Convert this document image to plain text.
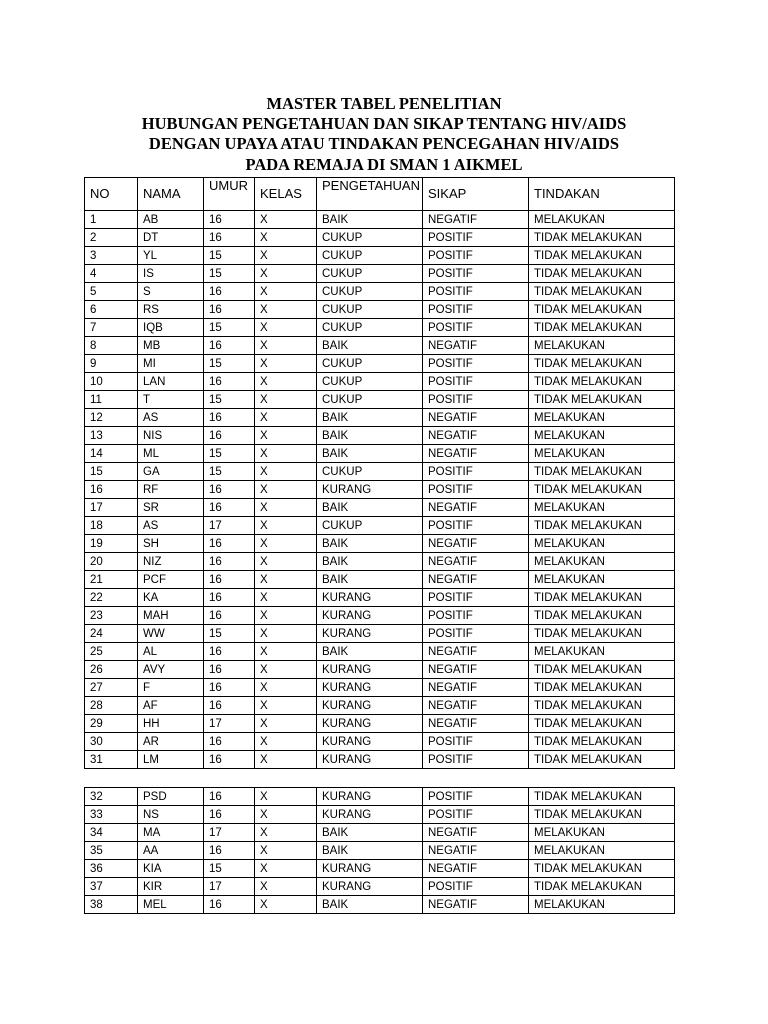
MASTER TABEL PENELITIAN
HUBUNGAN PENGETAHUAN DAN SIKAP TENTANG HIV/AIDS
DENGAN UPAYA ATAU TINDAKAN PENCEGAHAN HIV/AIDS
PADA REMAJA DI SMAN 1 AIKMEL
NO	NAMA	UMUR	KELAS	PENGETAHUAN	SIKAP	TINDAKAN
1	AB	16	X	BAIK	NEGATIF	MELAKUKAN
2	DT	16	X	CUKUP	POSITIF	TIDAK MELAKUKAN
3	YL	15	X	CUKUP	POSITIF	TIDAK MELAKUKAN
4	IS	15	X	CUKUP	POSITIF	TIDAK MELAKUKAN
5	S	16	X	CUKUP	POSITIF	TIDAK MELAKUKAN
6	RS	16	X	CUKUP	POSITIF	TIDAK MELAKUKAN
7	IQB	15	X	CUKUP	POSITIF	TIDAK MELAKUKAN
8	MB	16	X	BAIK	NEGATIF	MELAKUKAN
9	MI	15	X	CUKUP	POSITIF	TIDAK MELAKUKAN
10	LAN	16	X	CUKUP	POSITIF	TIDAK MELAKUKAN
11	T	15	X	CUKUP	POSITIF	TIDAK MELAKUKAN
12	AS	16	X	BAIK	NEGATIF	MELAKUKAN
13	NIS	16	X	BAIK	NEGATIF	MELAKUKAN
14	ML	15	X	BAIK	NEGATIF	MELAKUKAN
15	GA	15	X	CUKUP	POSITIF	TIDAK MELAKUKAN
16	RF	16	X	KURANG	POSITIF	TIDAK MELAKUKAN
17	SR	16	X	BAIK	NEGATIF	MELAKUKAN
18	AS	17	X	CUKUP	POSITIF	TIDAK MELAKUKAN
19	SH	16	X	BAIK	NEGATIF	MELAKUKAN
20	NIZ	16	X	BAIK	NEGATIF	MELAKUKAN
21	PCF	16	X	BAIK	NEGATIF	MELAKUKAN
22	KA	16	X	KURANG	POSITIF	TIDAK MELAKUKAN
23	MAH	16	X	KURANG	POSITIF	TIDAK MELAKUKAN
24	WW	15	X	KURANG	POSITIF	TIDAK MELAKUKAN
25	AL	16	X	BAIK	NEGATIF	MELAKUKAN
26	AVY	16	X	KURANG	NEGATIF	TIDAK MELAKUKAN
27	F	16	X	KURANG	NEGATIF	TIDAK MELAKUKAN
28	AF	16	X	KURANG	NEGATIF	TIDAK MELAKUKAN
29	HH	17	X	KURANG	NEGATIF	TIDAK MELAKUKAN
30	AR	16	X	KURANG	POSITIF	TIDAK MELAKUKAN
31	LM	16	X	KURANG	POSITIF	TIDAK MELAKUKAN
32	PSD	16	X	KURANG	POSITIF	TIDAK MELAKUKAN
33	NS	16	X	KURANG	POSITIF	TIDAK MELAKUKAN
34	MA	17	X	BAIK	NEGATIF	MELAKUKAN
35	AA	16	X	BAIK	NEGATIF	MELAKUKAN
36	KIA	15	X	KURANG	NEGATIF	TIDAK MELAKUKAN
37	KIR	17	X	KURANG	POSITIF	TIDAK MELAKUKAN
38	MEL	16	X	BAIK	NEGATIF	MELAKUKAN
